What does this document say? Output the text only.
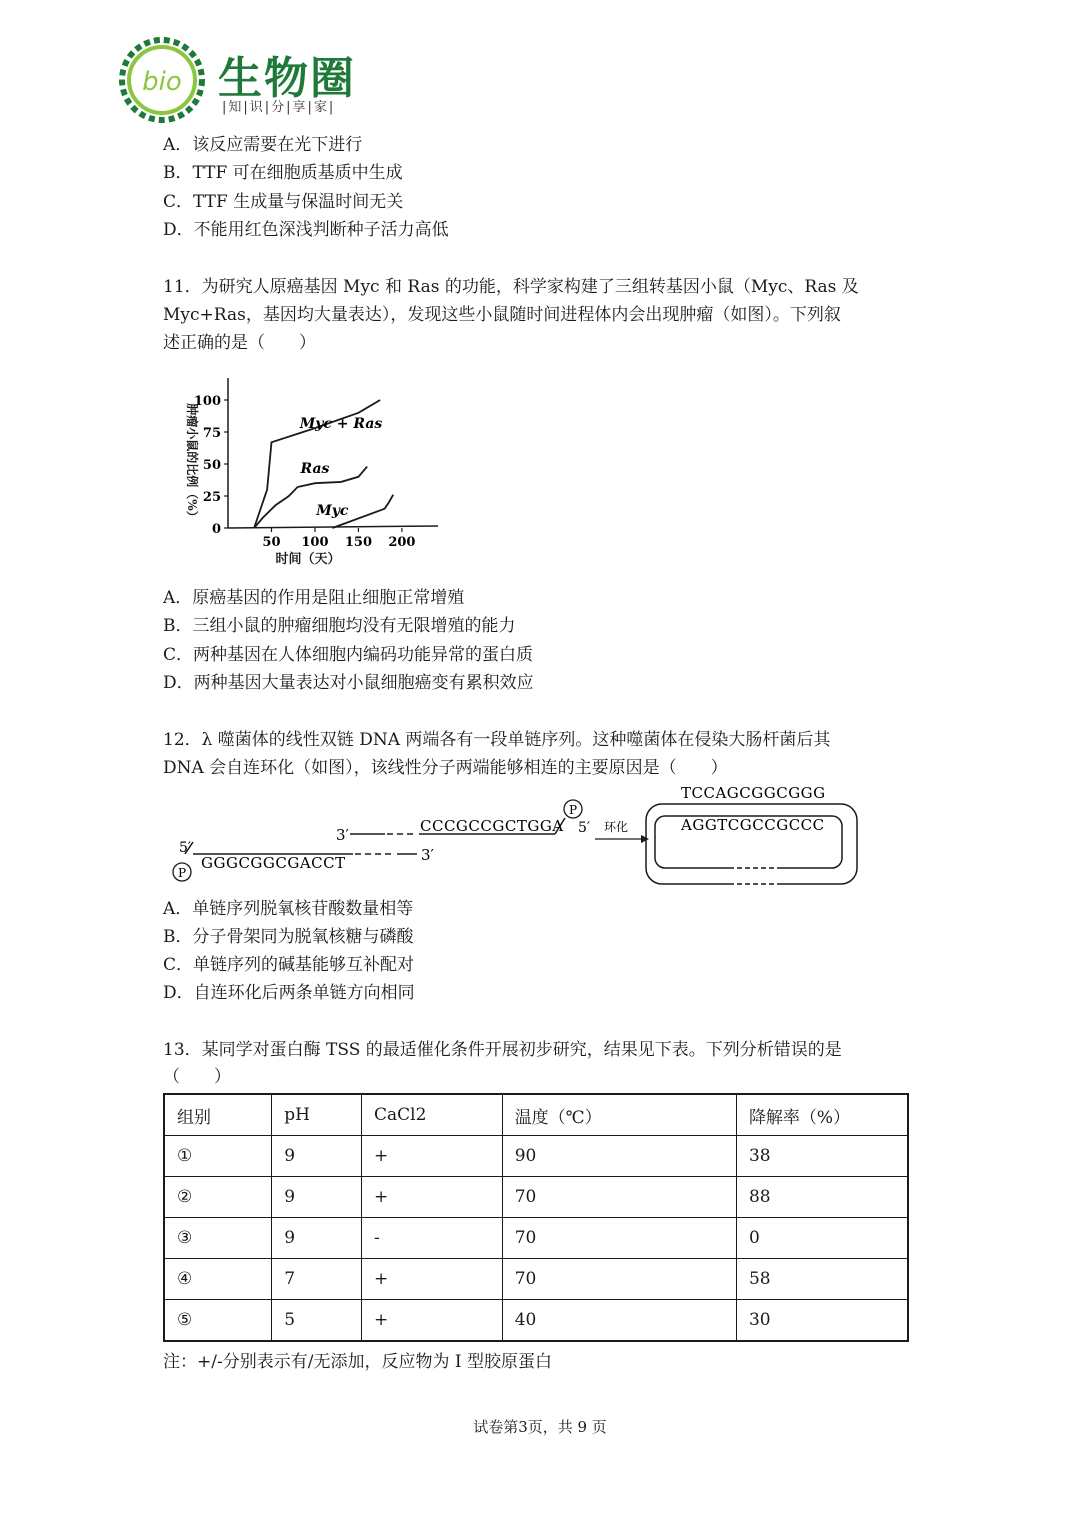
bio 生物圈
|知|识|分|享|家|
A．该反应需要在光下进行
B．TTF 可在细胞质基质中生成
C．TTF 生成量与保温时间无关
D．不能用红色深浅判断种子活力高低
11．为研究人原癌基因 Myc 和 Ras 的功能，科学家构建了三组转基因小鼠（Myc、Ras 及
Myc+Ras，基因均大量表达），发现这些小鼠随时间进程体内会出现肿瘤（如图）。下列叙
述正确的是（　　）
肿瘤小鼠的比例（%）
时间（天）
0
25
50
75
100
50 100 150 200
Myc + Ras
Ras
Myc
A．原癌基因的作用是阻止细胞正常增殖
B．三组小鼠的肿瘤细胞均没有无限增殖的能力
C．两种基因在人体细胞内编码功能异常的蛋白质
D．两种基因大量表达对小鼠细胞癌变有累积效应
12．λ 噬菌体的线性双链 DNA 两端各有一段单链序列。这种噬菌体在侵染大肠杆菌后其
DNA 会自连环化（如图），该线性分子两端能够相连的主要原因是（　　）
3′	CCCGCCGCTGGA
P
5′
5′
GGGCGGCGACCT	3′
P
环化
TCCAGCGGCGGG
AGGTCGCCGCCC
A．单链序列脱氧核苷酸数量相等
B．分子骨架同为脱氧核糖与磷酸
C．单链序列的碱基能够互补配对
D．自连环化后两条单链方向相同
13．某同学对蛋白酶 TSS 的最适催化条件开展初步研究，结果见下表。下列分析错误的是
（　　）
组别	pH	CaCl2	温度（℃）	降解率（%）
①	9	+	90	38
②	9	+	70	88
③	9	-	70	0
④	7	+	70	58
⑤	5	+	40	30
注：+/-分别表示有/无添加，反应物为 I 型胶原蛋白
试卷第3页，共 9 页
